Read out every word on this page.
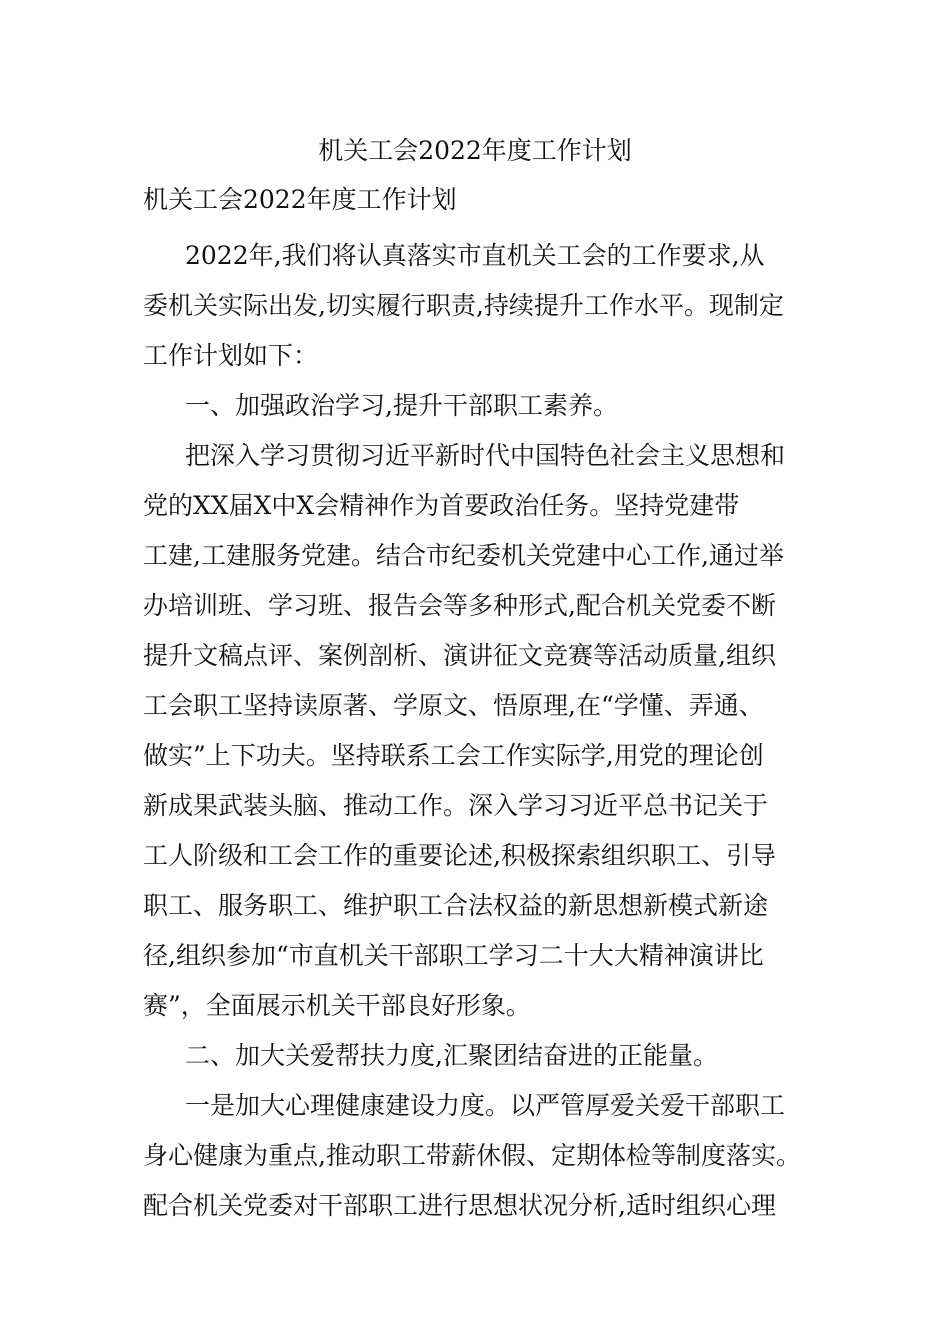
机关工会2022年度工作计划
机关工会2022年度工作计划
2022年,我们将认真落实市直机关工会的工作要求,从
委机关实际出发,切实履行职责,持续提升工作水平。现制定
工作计划如下：
一、加强政治学习,提升干部职工素养。
把深入学习贯彻习近平新时代中国特色社会主义思想和
党的XX届X中X会精神作为首要政治任务。坚持党建带
工建,工建服务党建。结合市纪委机关党建中心工作,通过举
办培训班、学习班、报告会等多种形式,配合机关党委不断
提升文稿点评、案例剖析、演讲征文竞赛等活动质量,组织
工会职工坚持读原著、学原文、悟原理,在“学懂、弄通、
做实”上下功夫。坚持联系工会工作实际学,用党的理论创
新成果武装头脑、推动工作。深入学习习近平总书记关于
工人阶级和工会工作的重要论述,积极探索组织职工、引导
职工、服务职工、维护职工合法权益的新思想新模式新途
径,组织参加“市直机关干部职工学习二十大大精神演讲比
赛”，全面展示机关干部良好形象。
二、加大关爱帮扶力度,汇聚团结奋进的正能量。
一是加大心理健康建设力度。以严管厚爱关爱干部职工
身心健康为重点,推动职工带薪休假、定期体检等制度落实。
配合机关党委对干部职工进行思想状况分析,适时组织心理
